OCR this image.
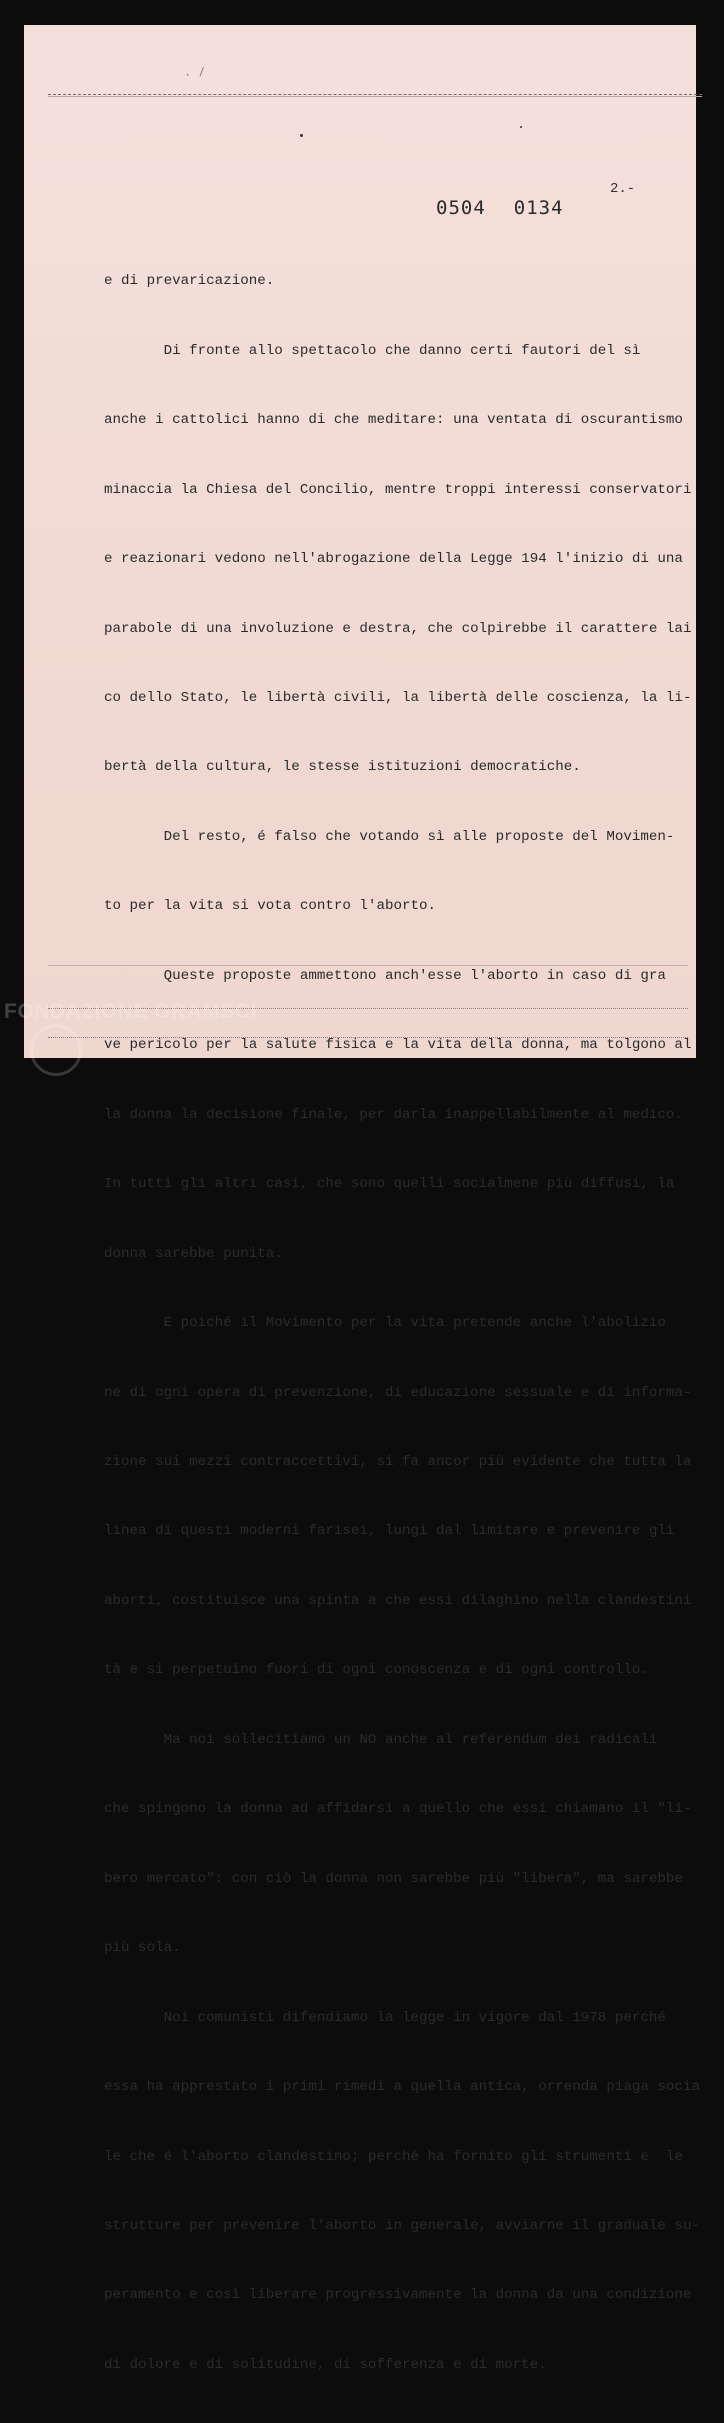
· /
2.-
0504 0134

e di prevaricazione.

Di fronte allo spettacolo che danno certi fautori del sì

anche i cattolici hanno di che meditare: una ventata di oscurantismo

minaccia la Chiesa del Concilio, mentre troppi interessi conservatori

e reazionari vedono nell'abrogazione della Legge 194 l'inizio di una

parabole di una involuzione e destra, che colpirebbe il carattere lai

co dello Stato, le libertà civili, la libertà delle coscienza, la li-

bertà della cultura, le stesse istituzioni democratiche.

Del resto, é falso che votando sì alle proposte del Movimen-

to per la vita si vota contro l'aborto.

Queste proposte ammettono anch'esse l'aborto in caso di gra

ve pericolo per la salute fisica e la vita della donna, ma tolgono al

la donna la decisione finale, per darla inappellabilmente al medico.

In tutti gli altri casi, che sono quelli socialmene più diffusi, la

donna sarebbe punita.

E poiché il Movimento per la vita pretende anche l'abolizio

ne di ogni opera di prevenzione, di educazione sessuale e di informa-

zione sui mezzi contraccettivi, si fa ancor più evidente che tutta la

linea di questi moderni farisei, lungi dal limitare e prevenire gli

aborti, costituisce una spinta a che essi dilaghino nella clandestini

tà e si perpetuino fuori di ogni conoscenza e di ogni controllo.

Ma noi sollecitiamo un NO anche al referendum dei radicali

che spingono la donna ad affidarsi a quello che essi chiamano il "li-

bero mercato": con ciò la donna non sarebbe più "libera", ma sarebbe

più sola.

Noi comunisti difendiamo la legge in vigore dal 1978 perché

essa ha apprestato i primi rimedi a quella antica, orrenda piaga socia

le che é l'aborto clandestino; perché ha fornito gli strumenti e  le

strutture per prevenire l'aborto in generale, avviarne il graduale su-

peramento e così liberare progressivamente la donna da una condizione

di dolore e di solitudine, di sofferenza e di morte.

FONDAZIONE GRAMSCI
